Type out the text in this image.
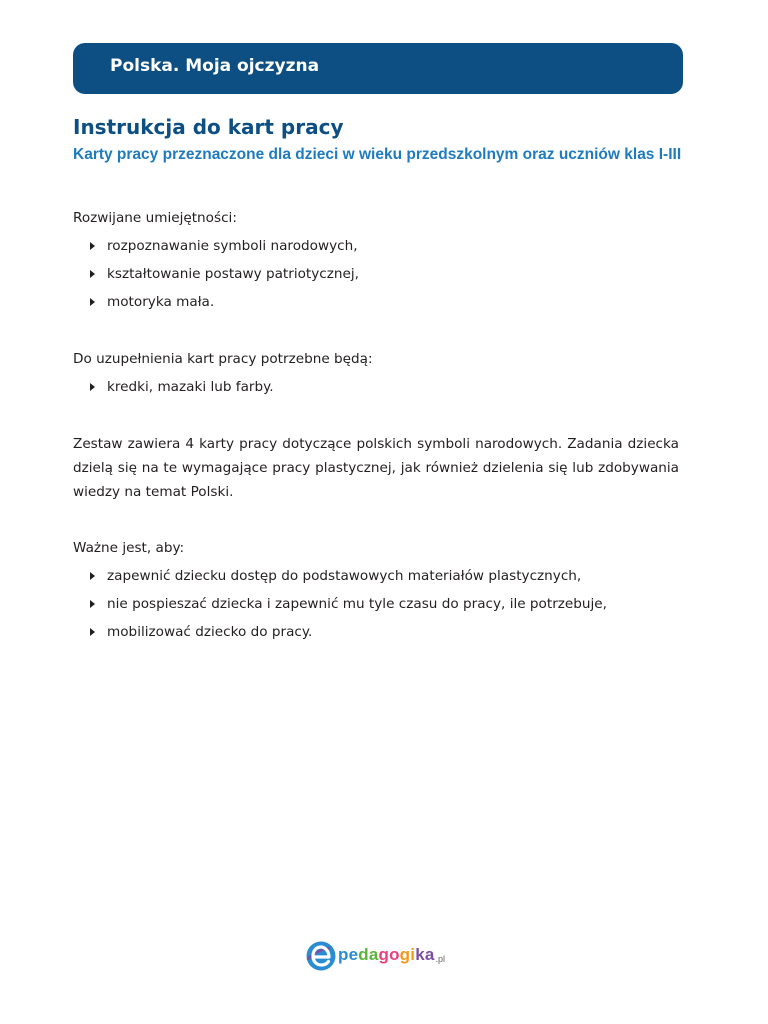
Polska. Moja ojczyzna
Instrukcja do kart pracy
Karty pracy przeznaczone dla dzieci w wieku przedszkolnym oraz uczniów klas I-III
Rozwijane umiejętności:
rozpoznawanie symboli narodowych,
kształtowanie postawy patriotycznej,
motoryka mała.
Do uzupełnienia kart pracy potrzebne będą:
kredki, mazaki lub farby.
Zestaw zawiera 4 karty pracy dotyczące polskich symboli narodowych. Zadania dziecka dzielą się na te wymagające pracy plastycznej, jak również dzielenia się lub zdobywania wiedzy na temat Polski.
Ważne jest, aby:
zapewnić dziecku dostęp do podstawowych materiałów plastycznych,
nie pospieszać dziecka i zapewnić mu tyle czasu do pracy, ile potrzebuje,
mobilizować dziecko do pracy.
pedagogika .pl
